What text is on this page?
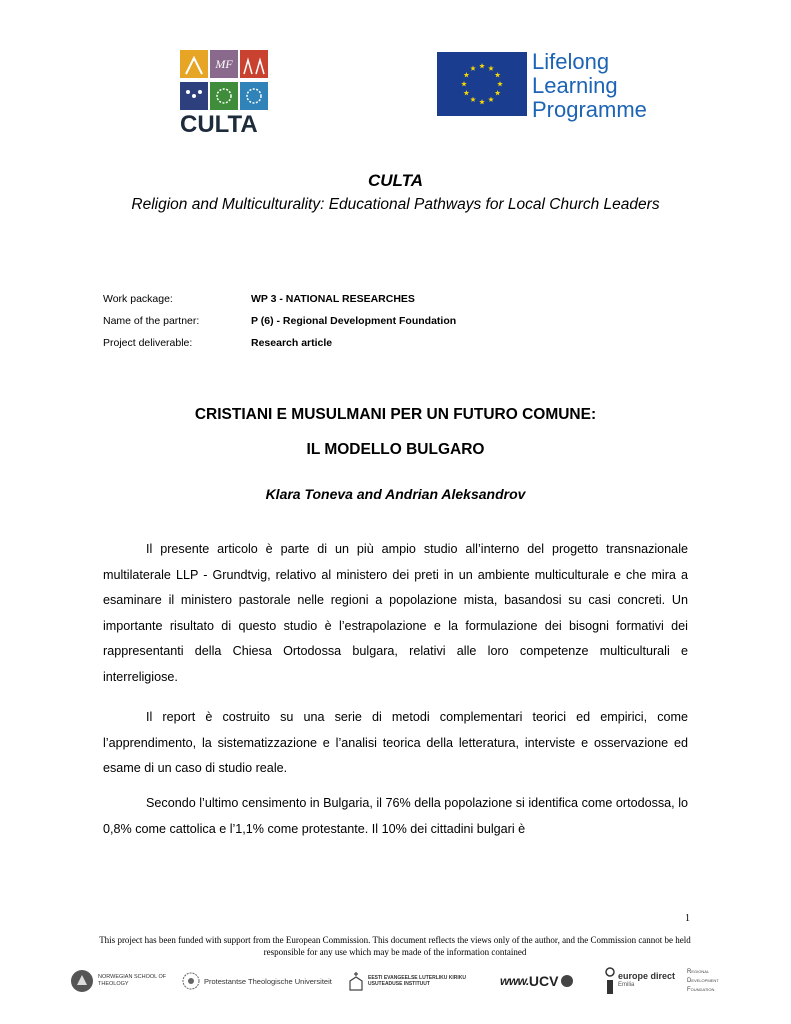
MF
CULTA
Lifelong
Learning
Programme
CULTA
Religion and Multiculturality: Educational Pathways for Local Church Leaders
Work package:	WP 3 - NATIONAL RESEARCHES
Name of the partner:	P (6) - Regional Development Foundation
Project deliverable:	Research article
CRISTIANI E MUSULMANI PER UN FUTURO COMUNE:
IL MODELLO BULGARO
Klara Toneva and Andrian Aleksandrov

Il presente articolo è parte di un più ampio studio all’interno del progetto transnazionale multilaterale LLP - Grundtvig, relativo al ministero dei preti in un ambiente multiculturale e che mira a esaminare il ministero pastorale nelle regioni a popolazione mista, basandosi su casi concreti. Un importante risultato di questo studio è l’estrapolazione e la formulazione dei bisogni formativi dei rappresentanti della Chiesa Ortodossa bulgara, relativi alle loro competenze multiculturali e interreligiose.

Il report è costruito su una serie di metodi complementari teorici ed empirici, come l’apprendimento, la sistematizzazione e l’analisi teorica della letteratura, interviste e osservazione ed esame di un caso di studio reale.

Secondo l’ultimo censimento in Bulgaria, il 76% della popolazione si identifica come ortodossa, lo 0,8% come cattolica e l’1,1% come protestante. Il 10% dei cittadini bulgari è

1
This project has been funded with support from the European Commission. This document reflects the views only of the author, and the Commission cannot be held responsible for any use which may be made of the information contained
NORWEGIAN SCHOOL OF THEOLOGY	Protestantse Theologische Universiteit	EESTI EVANGEELSE LUTERLIKU KIRIKU USUTEADUSE INSTITUUT	www. UCV	europe direct
Emilia
Regional Development Foundation
